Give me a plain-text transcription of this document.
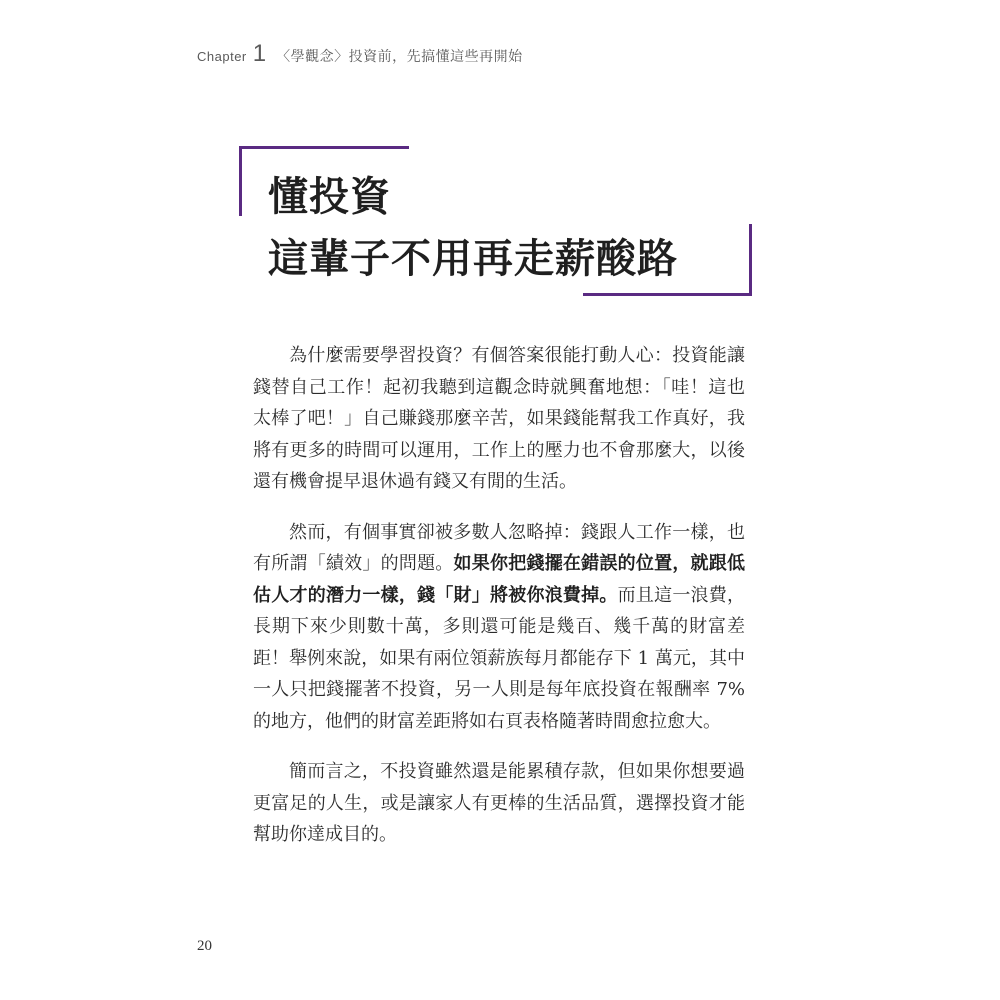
Chapter 1 〈學觀念〉投資前，先搞懂這些再開始
懂投資
這輩子不用再走薪酸路

為什麼需要學習投資？有個答案很能打動人心：投資能讓錢替自己工作！起初我聽到這觀念時就興奮地想：「哇！這也太棒了吧！」自己賺錢那麼辛苦，如果錢能幫我工作真好，我將有更多的時間可以運用，工作上的壓力也不會那麼大，以後還有機會提早退休過有錢又有閒的生活。

然而，有個事實卻被多數人忽略掉：錢跟人工作一樣，也有所謂「績效」的問題。如果你把錢擺在錯誤的位置，就跟低估人才的潛力一樣，錢「財」將被你浪費掉。而且這一浪費，長期下來少則數十萬，多則還可能是幾百、幾千萬的財富差距！舉例來說，如果有兩位領薪族每月都能存下 1 萬元，其中一人只把錢擺著不投資，另一人則是每年底投資在報酬率 7% 的地方，他們的財富差距將如右頁表格隨著時間愈拉愈大。

簡而言之，不投資雖然還是能累積存款，但如果你想要過更富足的人生，或是讓家人有更棒的生活品質，選擇投資才能幫助你達成目的。

20
